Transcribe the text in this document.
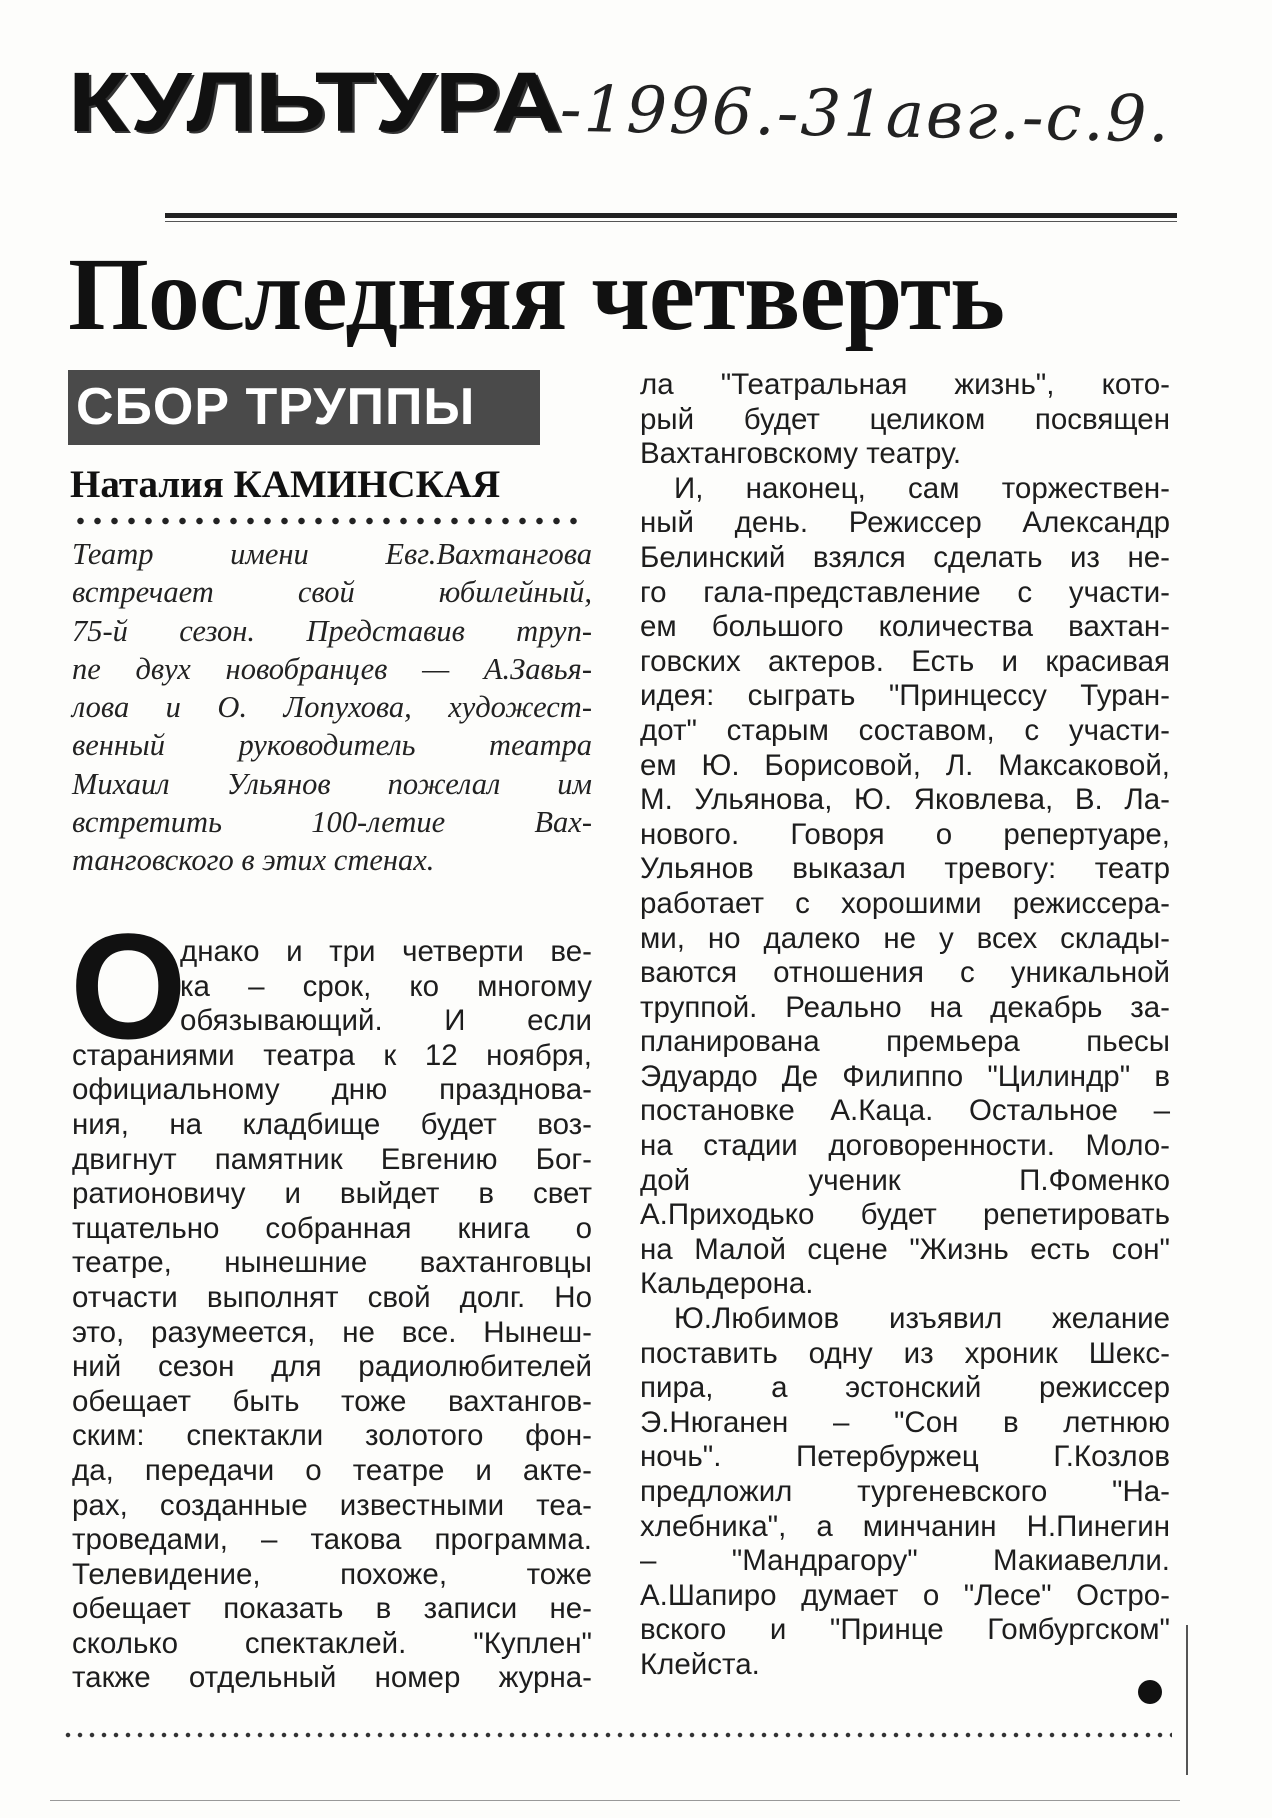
КУЛЬТУРА
-1996.-31авг.-с.9.
Последняя четверть
СБОР ТРУППЫ
Наталия КАМИНСКАЯ
Театр имени Евг.Вахтангова
встречает свой юбилейный,
75-й сезон. Представив труп-
пе двух новобранцев — А.Завья-
лова и О. Лопухова, художест-
венный руководитель театра
Михаил Ульянов пожелал им
встретить 100-летие Вах-
танговского в этих стенах.
О
днако и три четверти ве-
ка – срок, ко многому
обязывающий. И если
стараниями театра к 12 ноября,
официальному дню празднова-
ния, на кладбище будет воз-
двигнут памятник Евгению Бог-
ратионовичу и выйдет в свет
тщательно собранная книга о
театре, нынешние вахтанговцы
отчасти выполнят свой долг. Но
это, разумеется, не все. Нынеш-
ний сезон для радиолюбителей
обещает быть тоже вахтангов-
ским: спектакли золотого фон-
да, передачи о театре и акте-
рах, созданные известными теа-
троведами, – такова программа.
Телевидение, похоже, тоже
обещает показать в записи не-
сколько спектаклей. "Куплен"
также отдельный номер журна-
ла "Театральная жизнь", кото-
рый будет целиком посвящен
Вахтанговскому театру.
И, наконец, сам торжествен-
ный день. Режиссер Александр
Белинский взялся сделать из не-
го гала-представление с участи-
ем большого количества вахтан-
говских актеров. Есть и красивая
идея: сыграть "Принцессу Туран-
дот" старым составом, с участи-
ем Ю. Борисовой, Л. Максаковой,
М. Ульянова, Ю. Яковлева, В. Ла-
нового. Говоря о репертуаре,
Ульянов выказал тревогу: театр
работает с хорошими режиссера-
ми, но далеко не у всех склады-
ваются отношения с уникальной
труппой. Реально на декабрь за-
планирована премьера пьесы
Эдуардо Де Филиппо "Цилиндр" в
постановке А.Каца. Остальное –
на стадии договоренности. Моло-
дой ученик П.Фоменко
А.Приходько будет репетировать
на Малой сцене "Жизнь есть сон"
Кальдерона.
Ю.Любимов изъявил желание
поставить одну из хроник Шекс-
пира, а эстонский режиссер
Э.Нюганен – "Сон в летнюю
ночь". Петербуржец Г.Козлов
предложил тургеневского "На-
хлебника", а минчанин Н.Пинегин
– "Мандрагору" Макиавелли.
А.Шапиро думает о "Лесе" Остро-
вского и "Принце Гомбургском"
Клейста.
